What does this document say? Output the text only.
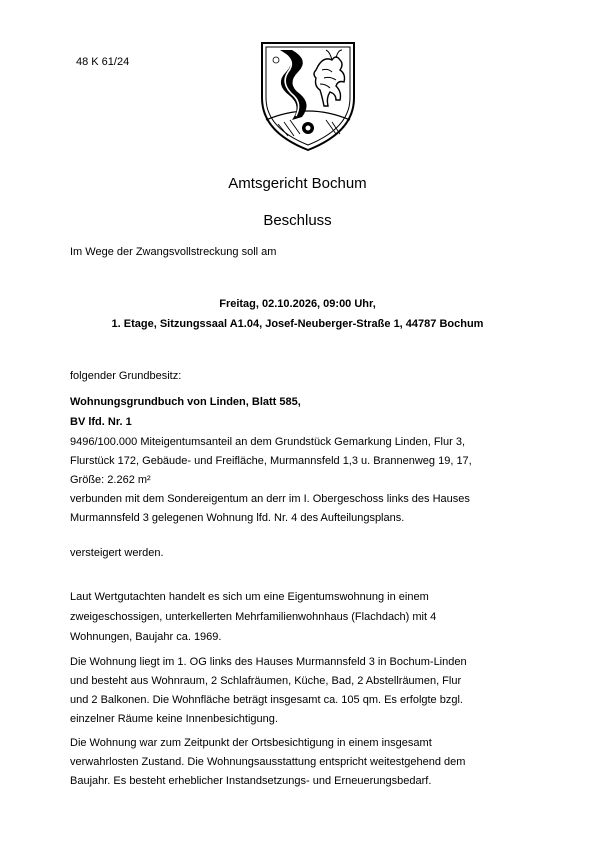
48 K 61/24
Amtsgericht Bochum
Beschluss

Im Wege der Zwangsvollstreckung soll am

Freitag, 02.10.2026, 09:00 Uhr,
1. Etage, Sitzungssaal A1.04, Josef-Neuberger-Straße 1, 44787 Bochum

folgender Grundbesitz:

Wohnungsgrundbuch von Linden, Blatt 585,

BV lfd. Nr. 1

9496/100.000 Miteigentumsanteil an dem Grundstück Gemarkung Linden, Flur 3,

Flurstück 172, Gebäude- und Freifläche, Murmannsfeld 1,3 u. Brannenweg 19, 17,

Größe: 2.262 m²

verbunden mit dem Sondereigentum an derr im I. Obergeschoss links des Hauses

Murmannsfeld 3 gelegenen Wohnung lfd. Nr. 4 des Aufteilungsplans.

versteigert werden.

Laut Wertgutachten handelt es sich um eine Eigentumswohnung in einem

zweigeschossigen, unterkellerten Mehrfamilienwohnhaus (Flachdach) mit 4

Wohnungen, Baujahr ca. 1969.

Die Wohnung liegt im 1. OG links des Hauses Murmannsfeld 3 in Bochum-Linden

und besteht aus Wohnraum, 2 Schlafräumen, Küche, Bad, 2 Abstellräumen, Flur

und 2 Balkonen. Die Wohnfläche beträgt insgesamt ca. 105 qm. Es erfolgte bzgl.

einzelner Räume keine Innenbesichtigung.

Die Wohnung war zum Zeitpunkt der Ortsbesichtigung in einem insgesamt

verwahrlosten Zustand. Die Wohnungsausstattung entspricht weitestgehend dem

Baujahr. Es besteht erheblicher Instandsetzungs- und Erneuerungsbedarf.
